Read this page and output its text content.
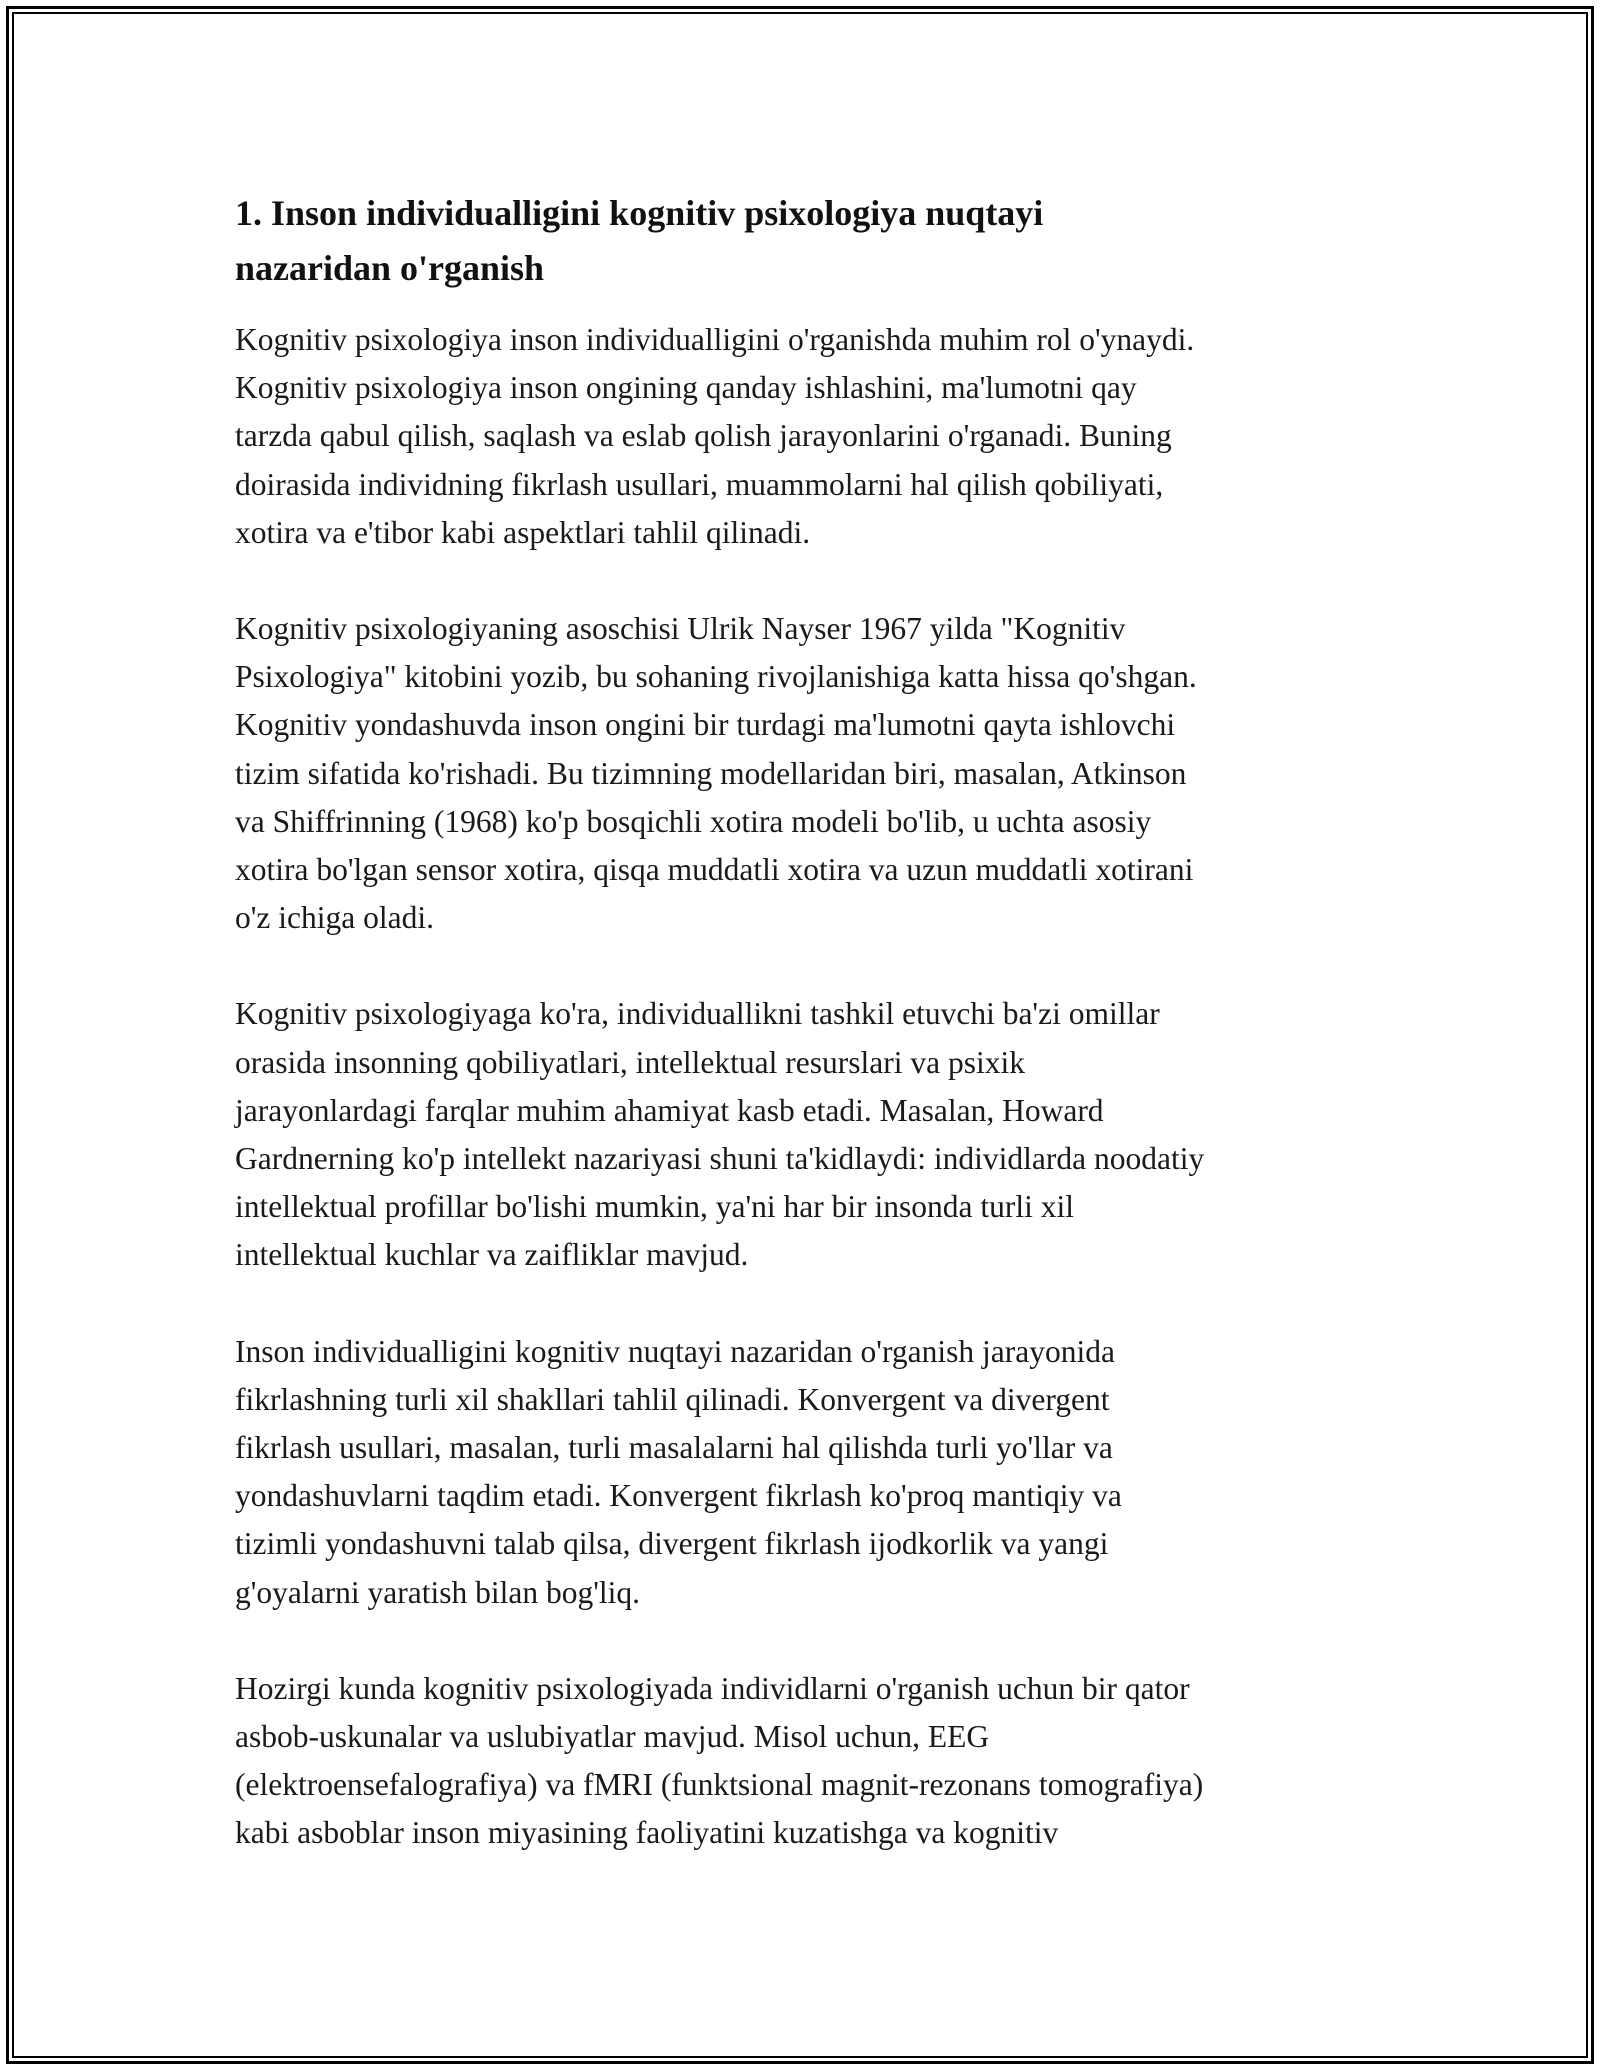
1. Inson individualligini kognitiv psixologiya nuqtayi
nazaridan o'rganish

Kognitiv psixologiya inson individualligini o'rganishda muhim rol o'ynaydi.
Kognitiv psixologiya inson ongining qanday ishlashini, ma'lumotni qay
tarzda qabul qilish, saqlash va eslab qolish jarayonlarini o'rganadi. Buning
doirasida individning fikrlash usullari, muammolarni hal qilish qobiliyati,
xotira va e'tibor kabi aspektlari tahlil qilinadi.

Kognitiv psixologiyaning asoschisi Ulrik Nayser 1967 yilda "Kognitiv
Psixologiya" kitobini yozib, bu sohaning rivojlanishiga katta hissa qo'shgan.
Kognitiv yondashuvda inson ongini bir turdagi ma'lumotni qayta ishlovchi
tizim sifatida ko'rishadi. Bu tizimning modellaridan biri, masalan, Atkinson
va Shiffrinning (1968) ko'p bosqichli xotira modeli bo'lib, u uchta asosiy
xotira bo'lgan sensor xotira, qisqa muddatli xotira va uzun muddatli xotirani
o'z ichiga oladi.

Kognitiv psixologiyaga ko'ra, individuallikni tashkil etuvchi ba'zi omillar
orasida insonning qobiliyatlari, intellektual resurslari va psixik
jarayonlardagi farqlar muhim ahamiyat kasb etadi. Masalan, Howard
Gardnerning ko'p intellekt nazariyasi shuni ta'kidlaydi: individlarda noodatiy
intellektual profillar bo'lishi mumkin, ya'ni har bir insonda turli xil
intellektual kuchlar va zaifliklar mavjud.

Inson individualligini kognitiv nuqtayi nazaridan o'rganish jarayonida
fikrlashning turli xil shakllari tahlil qilinadi. Konvergent va divergent
fikrlash usullari, masalan, turli masalalarni hal qilishda turli yo'llar va
yondashuvlarni taqdim etadi. Konvergent fikrlash ko'proq mantiqiy va
tizimli yondashuvni talab qilsa, divergent fikrlash ijodkorlik va yangi
g'oyalarni yaratish bilan bog'liq.

Hozirgi kunda kognitiv psixologiyada individlarni o'rganish uchun bir qator
asbob-uskunalar va uslubiyatlar mavjud. Misol uchun, EEG
(elektroensefalografiya) va fMRI (funktsional magnit-rezonans tomografiya)
kabi asboblar inson miyasining faoliyatini kuzatishga va kognitiv
